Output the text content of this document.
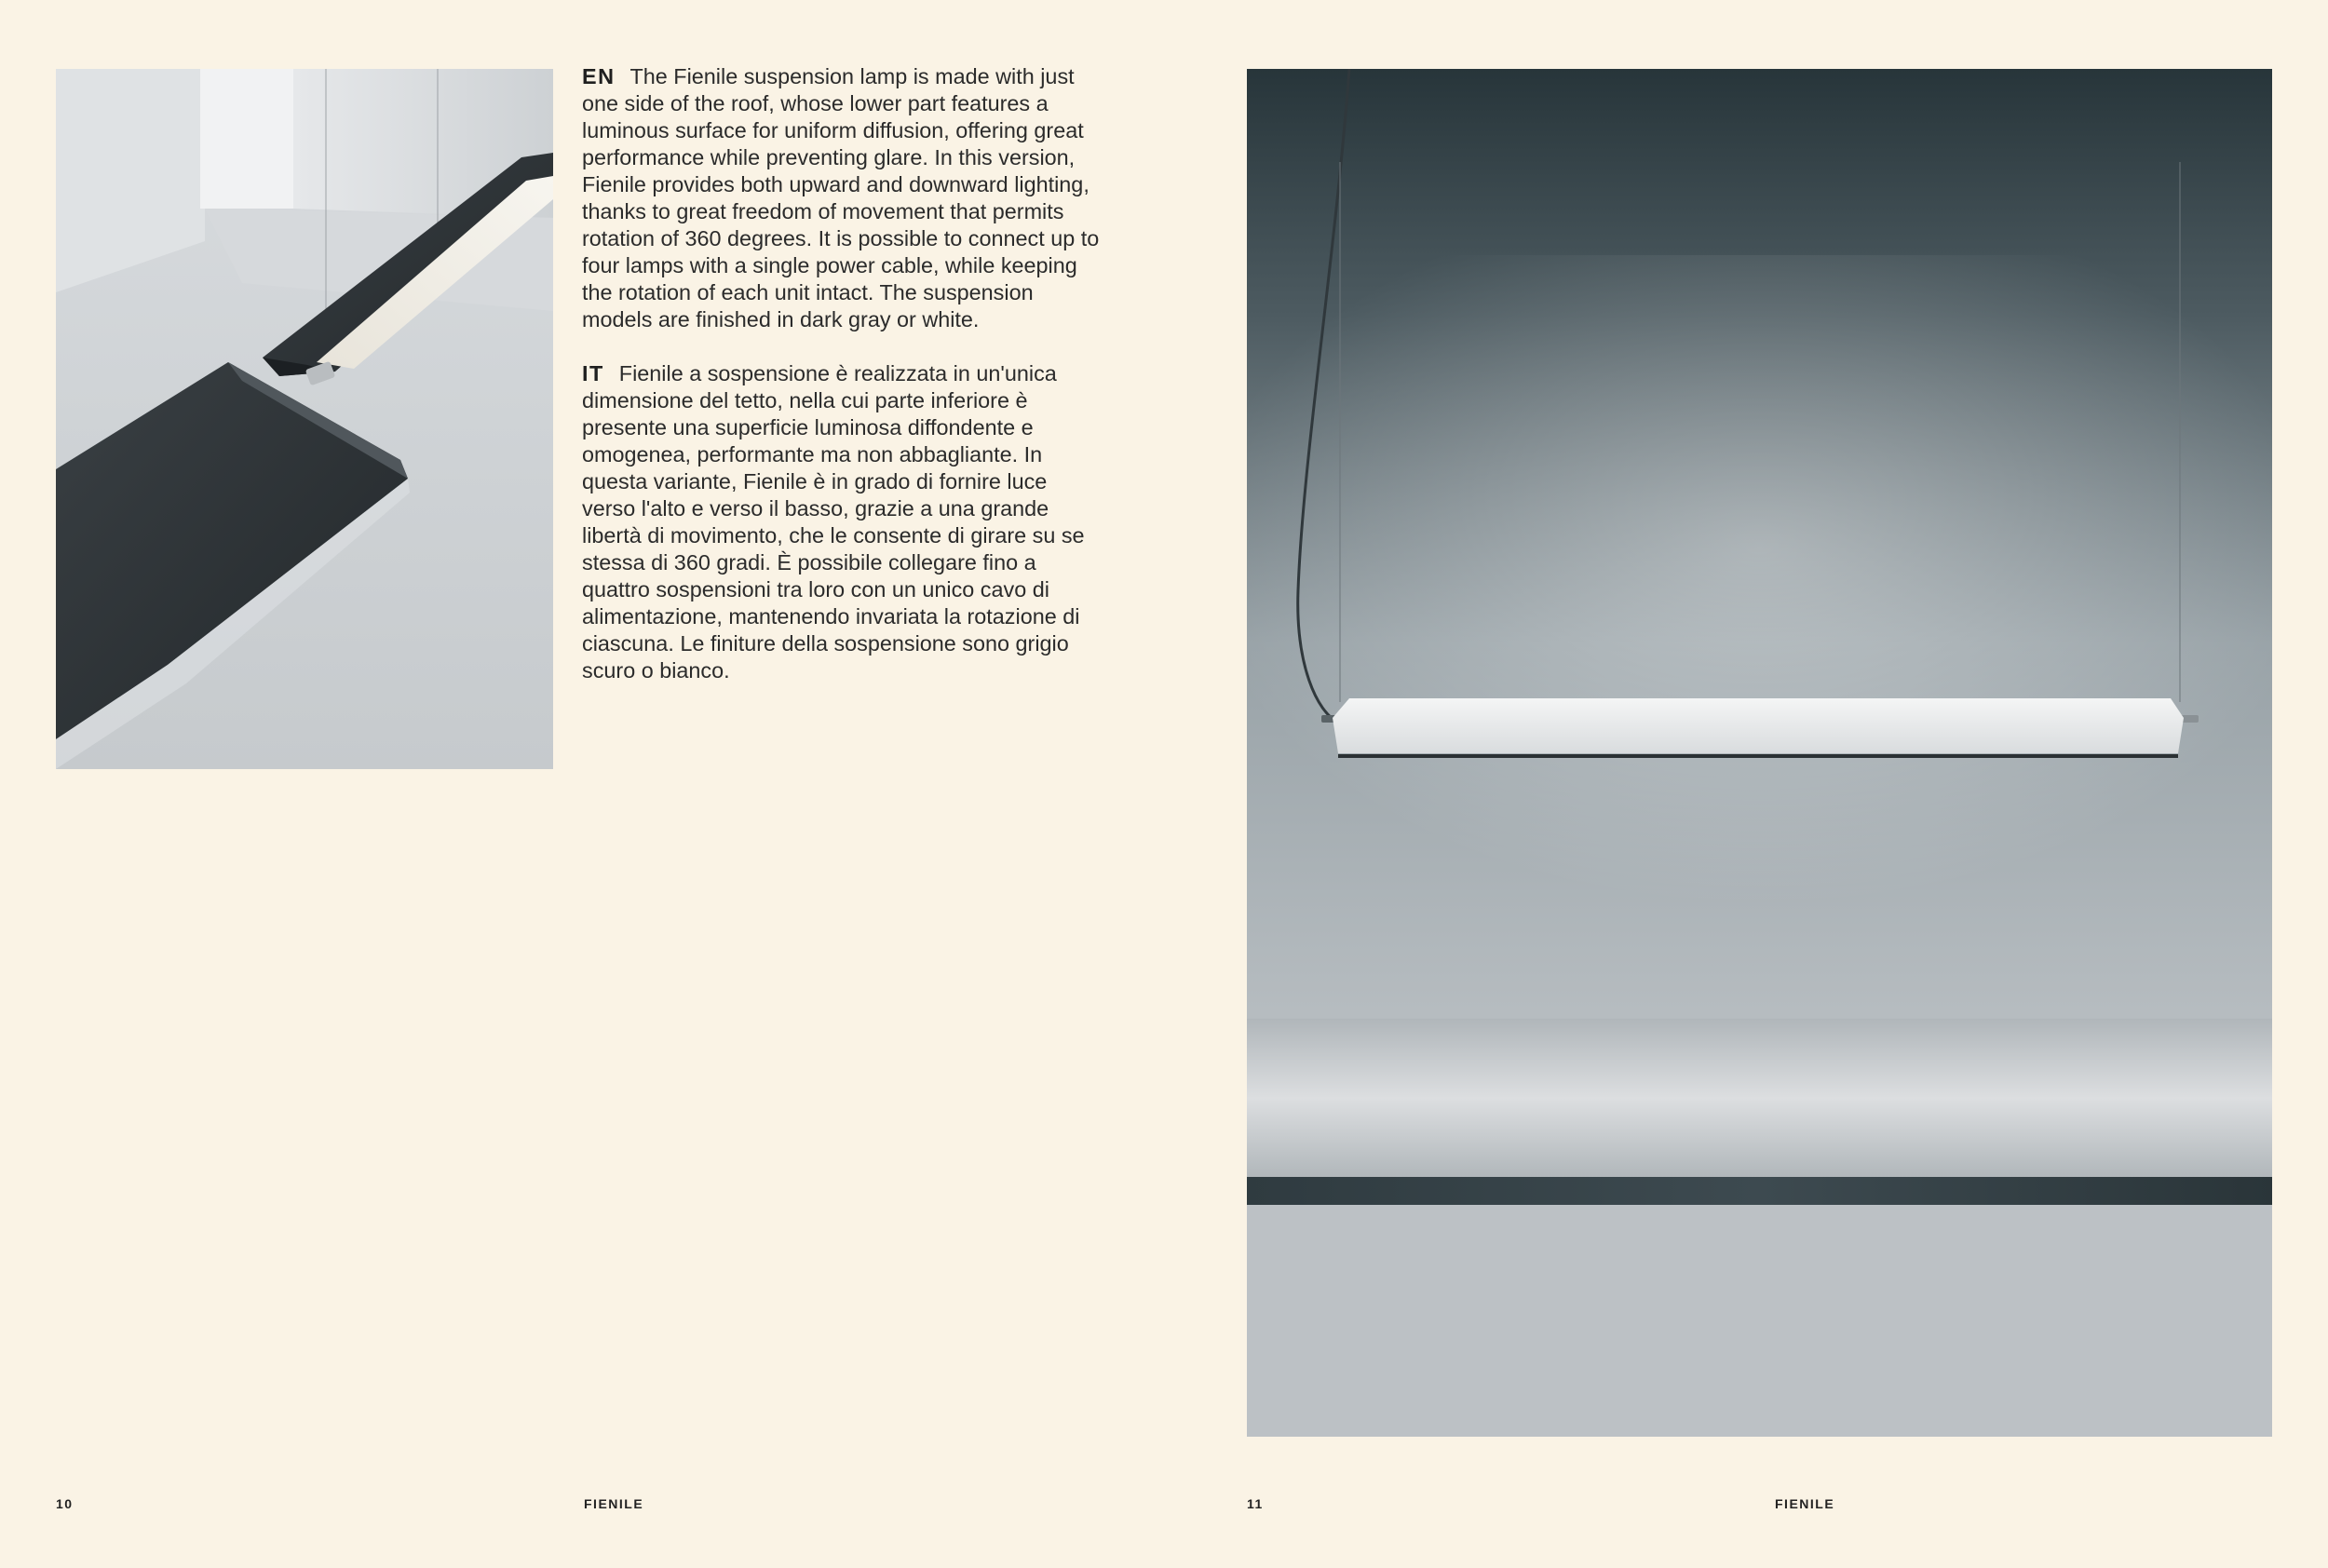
EN The Fienile suspension lamp is made with just one side of the roof, whose lower part features a luminous surface for uniform diffusion, offering great performance while preventing glare. In this version, Fienile provides both upward and downward lighting, thanks to great freedom of movement that permits rotation of 360 degrees. It is possible to connect up to four lamps with a single power cable, while keeping the rotation of each unit intact. The suspension models are finished in dark gray or white.

IT Fienile a sospensione è realizzata in un'unica dimensione del tetto, nella cui parte inferiore è presente una superficie luminosa diffondente e omogenea, performante ma non abbagliante. In questa variante, Fienile è in grado di fornire luce verso l'alto e verso il basso, grazie a una grande libertà di movimento, che le consente di girare su se stessa di 360 gradi. È possibile collegare fino a quattro sospensioni tra loro con un unico cavo di alimentazione, mantenendo invariata la rotazione di ciascuna. Le finiture della sospensione sono grigio scuro o bianco.

10	FIENILE	11	FIENILE
